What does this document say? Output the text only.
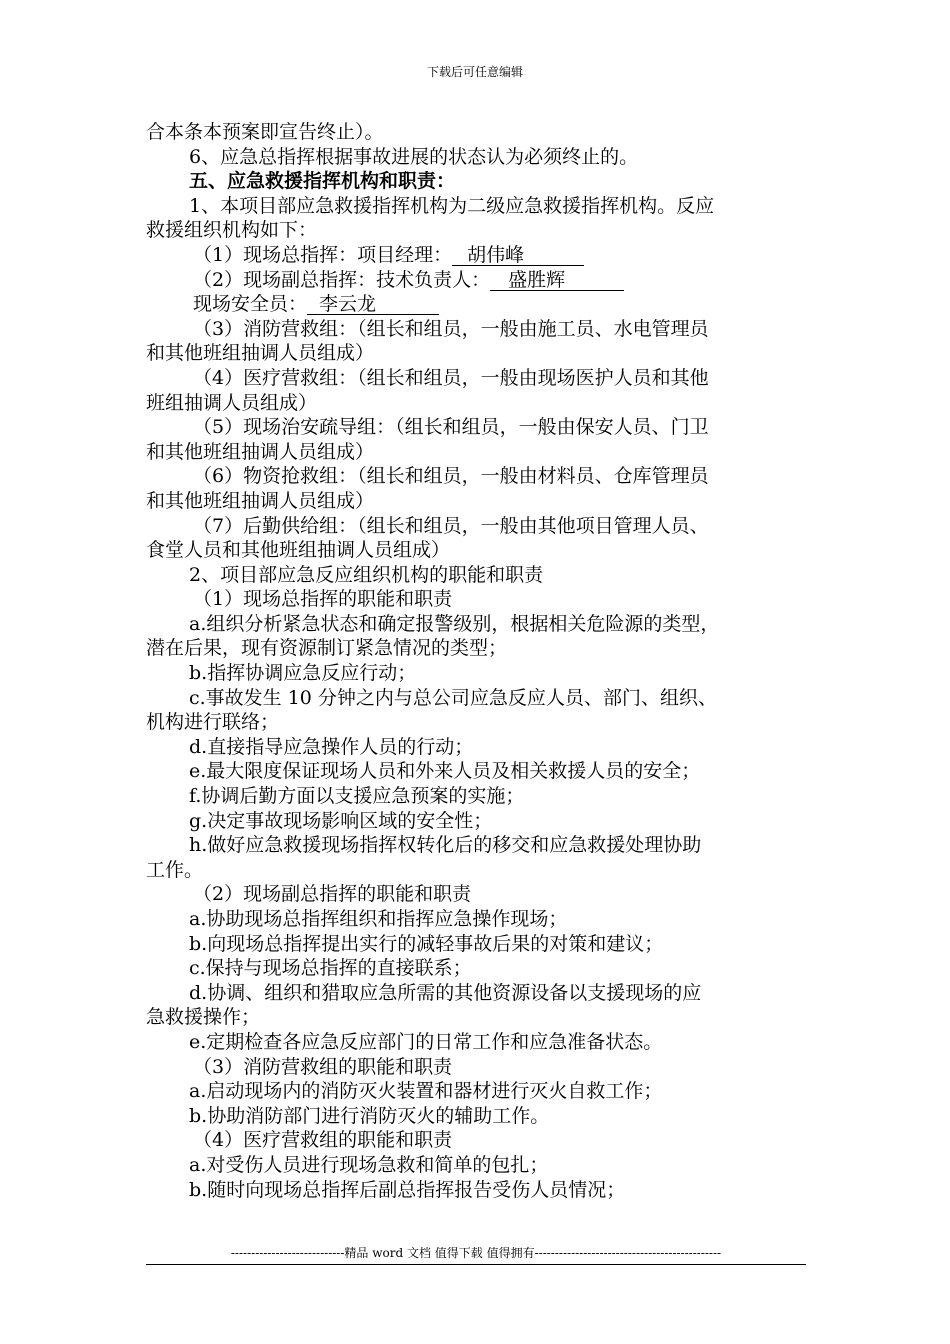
下载后可任意编辑
合本条本预案即宣告终止）。
6、应急总指挥根据事故进展的状态认为必须终止的。
五、应急救援指挥机构和职责：
1、本项目部应急救援指挥机构为二级应急救援指挥机构。反应
救援组织机构如下：
（1）现场总指挥：项目经理： 胡伟峰
（2）现场副总指挥：技术负责人： 盛胜辉
现场安全员： 李云龙
（3）消防营救组：（组长和组员，一般由施工员、水电管理员
和其他班组抽调人员组成）
（4）医疗营救组：（组长和组员，一般由现场医护人员和其他
班组抽调人员组成）
（5）现场治安疏导组：（组长和组员，一般由保安人员、门卫
和其他班组抽调人员组成）
（6）物资抢救组：（组长和组员，一般由材料员、仓库管理员
和其他班组抽调人员组成）
（7）后勤供给组：（组长和组员，一般由其他项目管理人员、
食堂人员和其他班组抽调人员组成）
2、项目部应急反应组织机构的职能和职责
（1）现场总指挥的职能和职责
a.组织分析紧急状态和确定报警级别，根据相关危险源的类型，
潜在后果，现有资源制订紧急情况的类型；
b.指挥协调应急反应行动；
c.事故发生 10 分钟之内与总公司应急反应人员、部门、组织、
机构进行联络；
d.直接指导应急操作人员的行动；
e.最大限度保证现场人员和外来人员及相关救援人员的安全；
f.协调后勤方面以支援应急预案的实施；
g.决定事故现场影响区域的安全性；
h.做好应急救援现场指挥权转化后的移交和应急救援处理协助
工作。
（2）现场副总指挥的职能和职责
a.协助现场总指挥组织和指挥应急操作现场；
b.向现场总指挥提出实行的减轻事故后果的对策和建议；
c.保持与现场总指挥的直接联系；
d.协调、组织和猎取应急所需的其他资源设备以支援现场的应
急救援操作；
e.定期检查各应急反应部门的日常工作和应急准备状态。
（3）消防营救组的职能和职责
a.启动现场内的消防灭火装置和器材进行灭火自救工作；
b.协助消防部门进行消防灭火的辅助工作。
（4）医疗营救组的职能和职责
a.对受伤人员进行现场急救和简单的包扎；
b.随时向现场总指挥后副总指挥报告受伤人员情况；
----------------------------精品 word 文档 值得下载 值得拥有----------------------------------------------
